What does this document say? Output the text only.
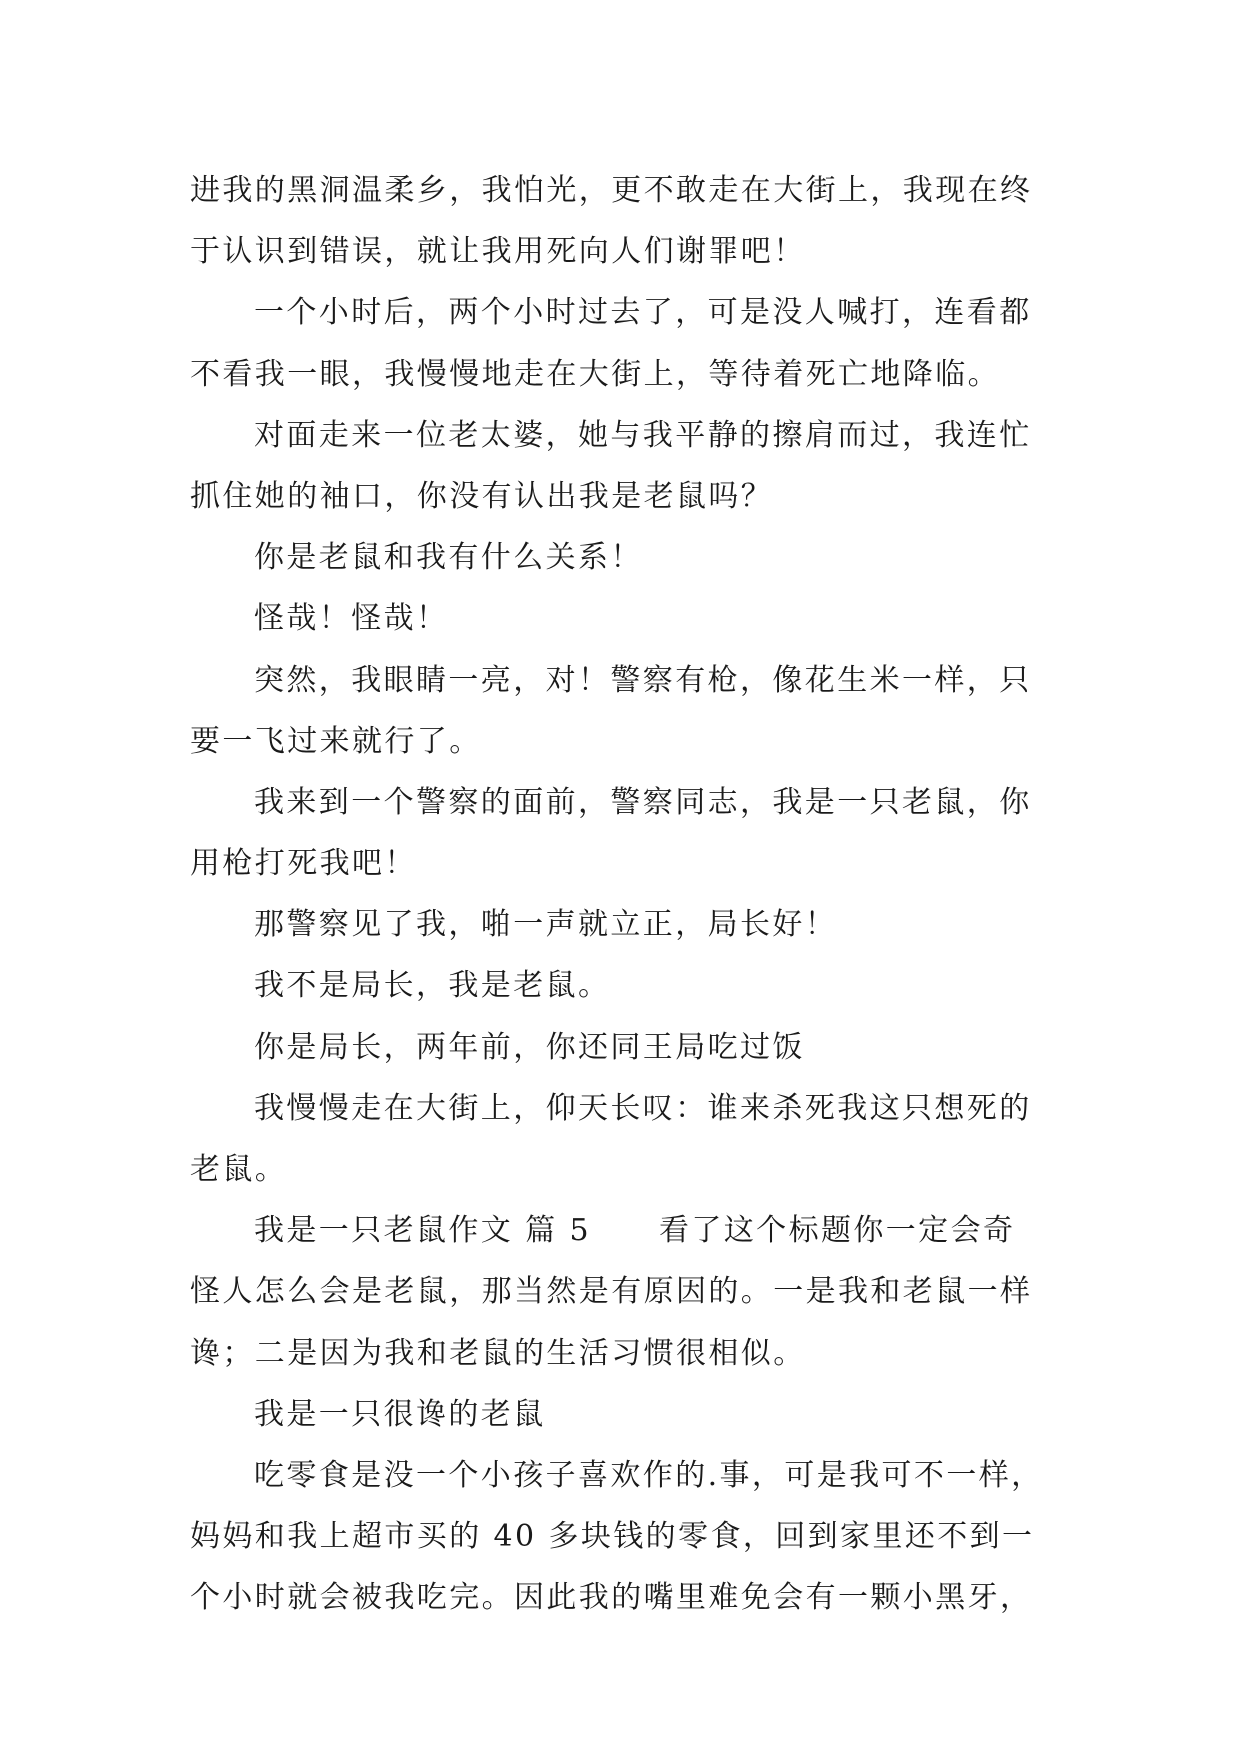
进我的黑洞温柔乡，我怕光，更不敢走在大街上，我现在终
于认识到错误，就让我用死向人们谢罪吧！
一个小时后，两个小时过去了，可是没人喊打，连看都
不看我一眼，我慢慢地走在大街上，等待着死亡地降临。
对面走来一位老太婆，她与我平静的擦肩而过，我连忙
抓住她的袖口，你没有认出我是老鼠吗？
你是老鼠和我有什么关系！
怪哉！怪哉！
突然，我眼睛一亮，对！警察有枪，像花生米一样，只
要一飞过来就行了。
我来到一个警察的面前，警察同志，我是一只老鼠，你
用枪打死我吧！
那警察见了我，啪一声就立正，局长好！
我不是局长，我是老鼠。
你是局长，两年前，你还同王局吃过饭
我慢慢走在大街上，仰天长叹：谁来杀死我这只想死的
老鼠。
我是一只老鼠作文 篇 5 看了这个标题你一定会奇
怪人怎么会是老鼠，那当然是有原因的。一是我和老鼠一样
谗；二是因为我和老鼠的生活习惯很相似。
我是一只很谗的老鼠
吃零食是没一个小孩子喜欢作的.事，可是我可不一样，
妈妈和我上超市买的 40 多块钱的零食，回到家里还不到一
个小时就会被我吃完。因此我的嘴里难免会有一颗小黑牙，
